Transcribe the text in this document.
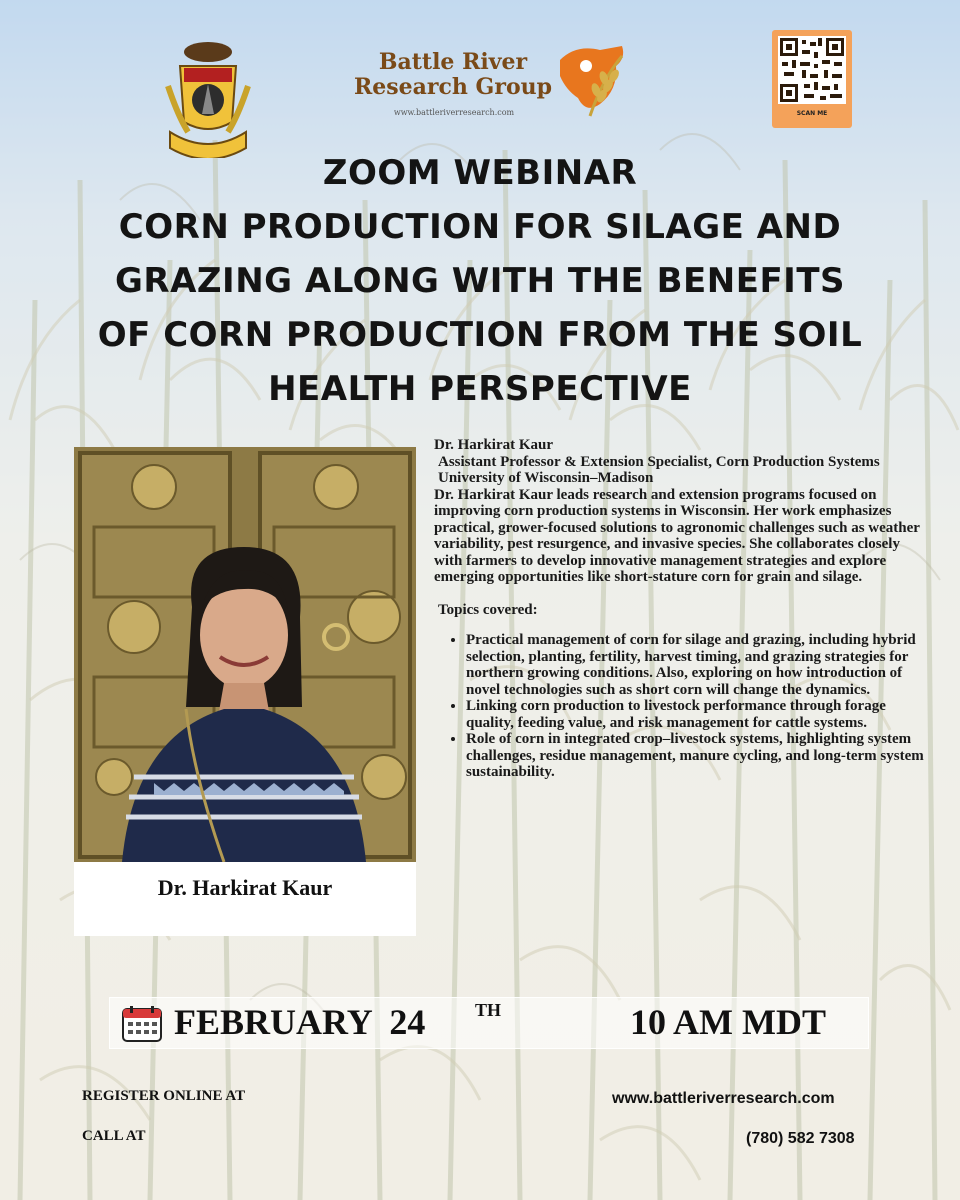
Battle River
Research Group
www.battleriverresearch.com	SCAN ME
ZOOM WEBINAR
CORN PRODUCTION FOR SILAGE AND
GRAZING ALONG WITH THE BENEFITS
OF CORN PRODUCTION FROM THE SOIL
HEALTH PERSPECTIVE
Dr. Harkirat Kaur

Dr. Harkirat Kaur

Assistant Professor & Extension Specialist, Corn Production Systems

University of Wisconsin–Madison

Dr. Harkirat Kaur leads research and extension programs focused on improving corn production systems in Wisconsin. Her work emphasizes practical, grower-focused solutions to agronomic challenges such as weather variability, pest resurgence, and invasive species. She collaborates closely with farmers to develop innovative management strategies and explore emerging opportunities like short-stature corn for grain and silage.

Topics covered:

• Practical management of corn for silage and grazing, including hybrid selection, planting, fertility, harvest timing, and grazing strategies for northern growing conditions. Also, exploring on how introduction of novel technologies such as short corn will change the dynamics.
• Linking corn production to livestock performance through forage quality, feeding value, and risk management for cattle systems.
• Role of corn in integrated crop–livestock systems, highlighting system challenges, residue management, manure cycling, and long-term system sustainability.
FEBRUARY  24	TH	10 AM MDT
REGISTER ONLINE AT
CALL AT
www.battleriverresearch.com
(780) 582 7308
